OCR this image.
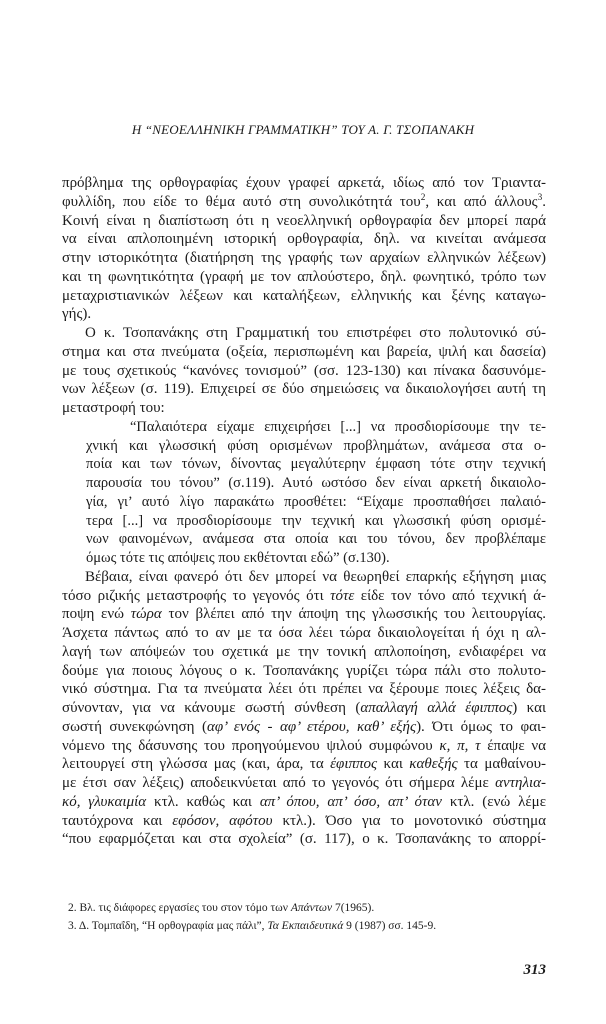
Η “ΝΕΟΕΛΛΗΝΙΚΗ ΓΡΑΜΜΑΤΙΚΗ” ΤΟΥ Α. Γ. ΤΣΟΠΑΝΑΚΗ
πρόβλημα της ορθογραφίας έχουν γραφεί αρκετά, ιδίως από τον Τριαντα-
φυλλίδη, που είδε το θέμα αυτό στη συνολικότητά του$^2$, και από άλλους$^3$.
Κοινή είναι η διαπίστωση ότι η νεοελληνική ορθογραφία δεν μπορεί παρά
να είναι απλοποιημένη ιστορική ορθογραφία, δηλ. να κινείται ανάμεσα
στην ιστορικότητα (διατήρηση της γραφής των αρχαίων ελληνικών λέξεων)
και τη φωνητικότητα (γραφή με τον απλούστερο, δηλ. φωνητικό, τρόπο των
μεταχριστιανικών λέξεων και καταλήξεων, ελληνικής και ξένης καταγω-
γής).
Ο κ. Τσοπανάκης στη Γραμματική του επιστρέφει στο πολυτονικό σύ-
στημα και στα πνεύματα (οξεία, περισπωμένη και βαρεία, ψιλή και δασεία)
με τους σχετικούς “κανόνες τονισμού” (σσ. 123-130) και πίνακα δασυνόμε-
νων λέξεων (σ. 119). Επιχειρεί σε δύο σημειώσεις να δικαιολογήσει αυτή τη
μεταστροφή του:
“Παλαιότερα είχαμε επιχειρήσει [...] να προσδιορίσουμε την τε-
χνική και γλωσσική φύση ορισμένων προβλημάτων, ανάμεσα στα ο-
ποία και των τόνων, δίνοντας μεγαλύτερην έμφαση τότε στην τεχνική
παρουσία του τόνου” (σ.119). Αυτό ωστόσο δεν είναι αρκετή δικαιολο-
γία, γι’ αυτό λίγο παρακάτω προσθέτει: “Είχαμε προσπαθήσει παλαιό-
τερα [...] να προσδιορίσουμε την τεχνική και γλωσσική φύση ορισμέ-
νων φαινομένων, ανάμεσα στα οποία και του τόνου, δεν προβλέπαμε
όμως τότε τις απόψεις που εκθέτονται εδώ” (σ.130).
Βέβαια, είναι φανερό ότι δεν μπορεί να θεωρηθεί επαρκής εξήγηση μιας
τόσο ριζικής μεταστροφής το γεγονός ότι τότε είδε τον τόνο από τεχνική ά-
ποψη ενώ τώρα τον βλέπει από την άποψη της γλωσσικής του λειτουργίας.
Άσχετα πάντως από το αν με τα όσα λέει τώρα δικαιολογείται ή όχι η αλ-
λαγή των απόψεών του σχετικά με την τονική απλοποίηση, ενδιαφέρει να
δούμε για ποιους λόγους ο κ. Τσοπανάκης γυρίζει τώρα πάλι στο πολυτο-
νικό σύστημα. Για τα πνεύματα λέει ότι πρέπει να ξέρουμε ποιες λέξεις δα-
σύνονταν, για να κάνουμε σωστή σύνθεση (απαλλαγή αλλά έφιππος) και
σωστή συνεκφώνηση (αφ’ ενός - αφ’ ετέρου, καθ’ εξής). Ότι όμως το φαι-
νόμενο της δάσυνσης του προηγούμενου ψιλού συμφώνου κ, π, τ έπαψε να
λειτουργεί στη γλώσσα μας (και, άρα, τα έφιππος και καθεξής τα μαθαίνου-
με έτσι σαν λέξεις) αποδεικνύεται από το γεγονός ότι σήμερα λέμε αντηλια-
κό, γλυκαιμία κτλ. καθώς και απ’ όπου, απ’ όσο, απ’ όταν κτλ. (ενώ λέμε
ταυτόχρονα και εφόσον, αφότου κτλ.). Όσο για το μονοτονικό σύστημα
“που εφαρμόζεται και στα σχολεία” (σ. 117), ο κ. Τσοπανάκης το απορρί-
2. Βλ. τις διάφορες εργασίες του στον τόμο των Απάντων 7(1965).
3. Δ. Τομπαΐδη, “Η ορθογραφία μας πάλι”, Τα Εκπαιδευτικά 9 (1987) σσ. 145-9.
313
